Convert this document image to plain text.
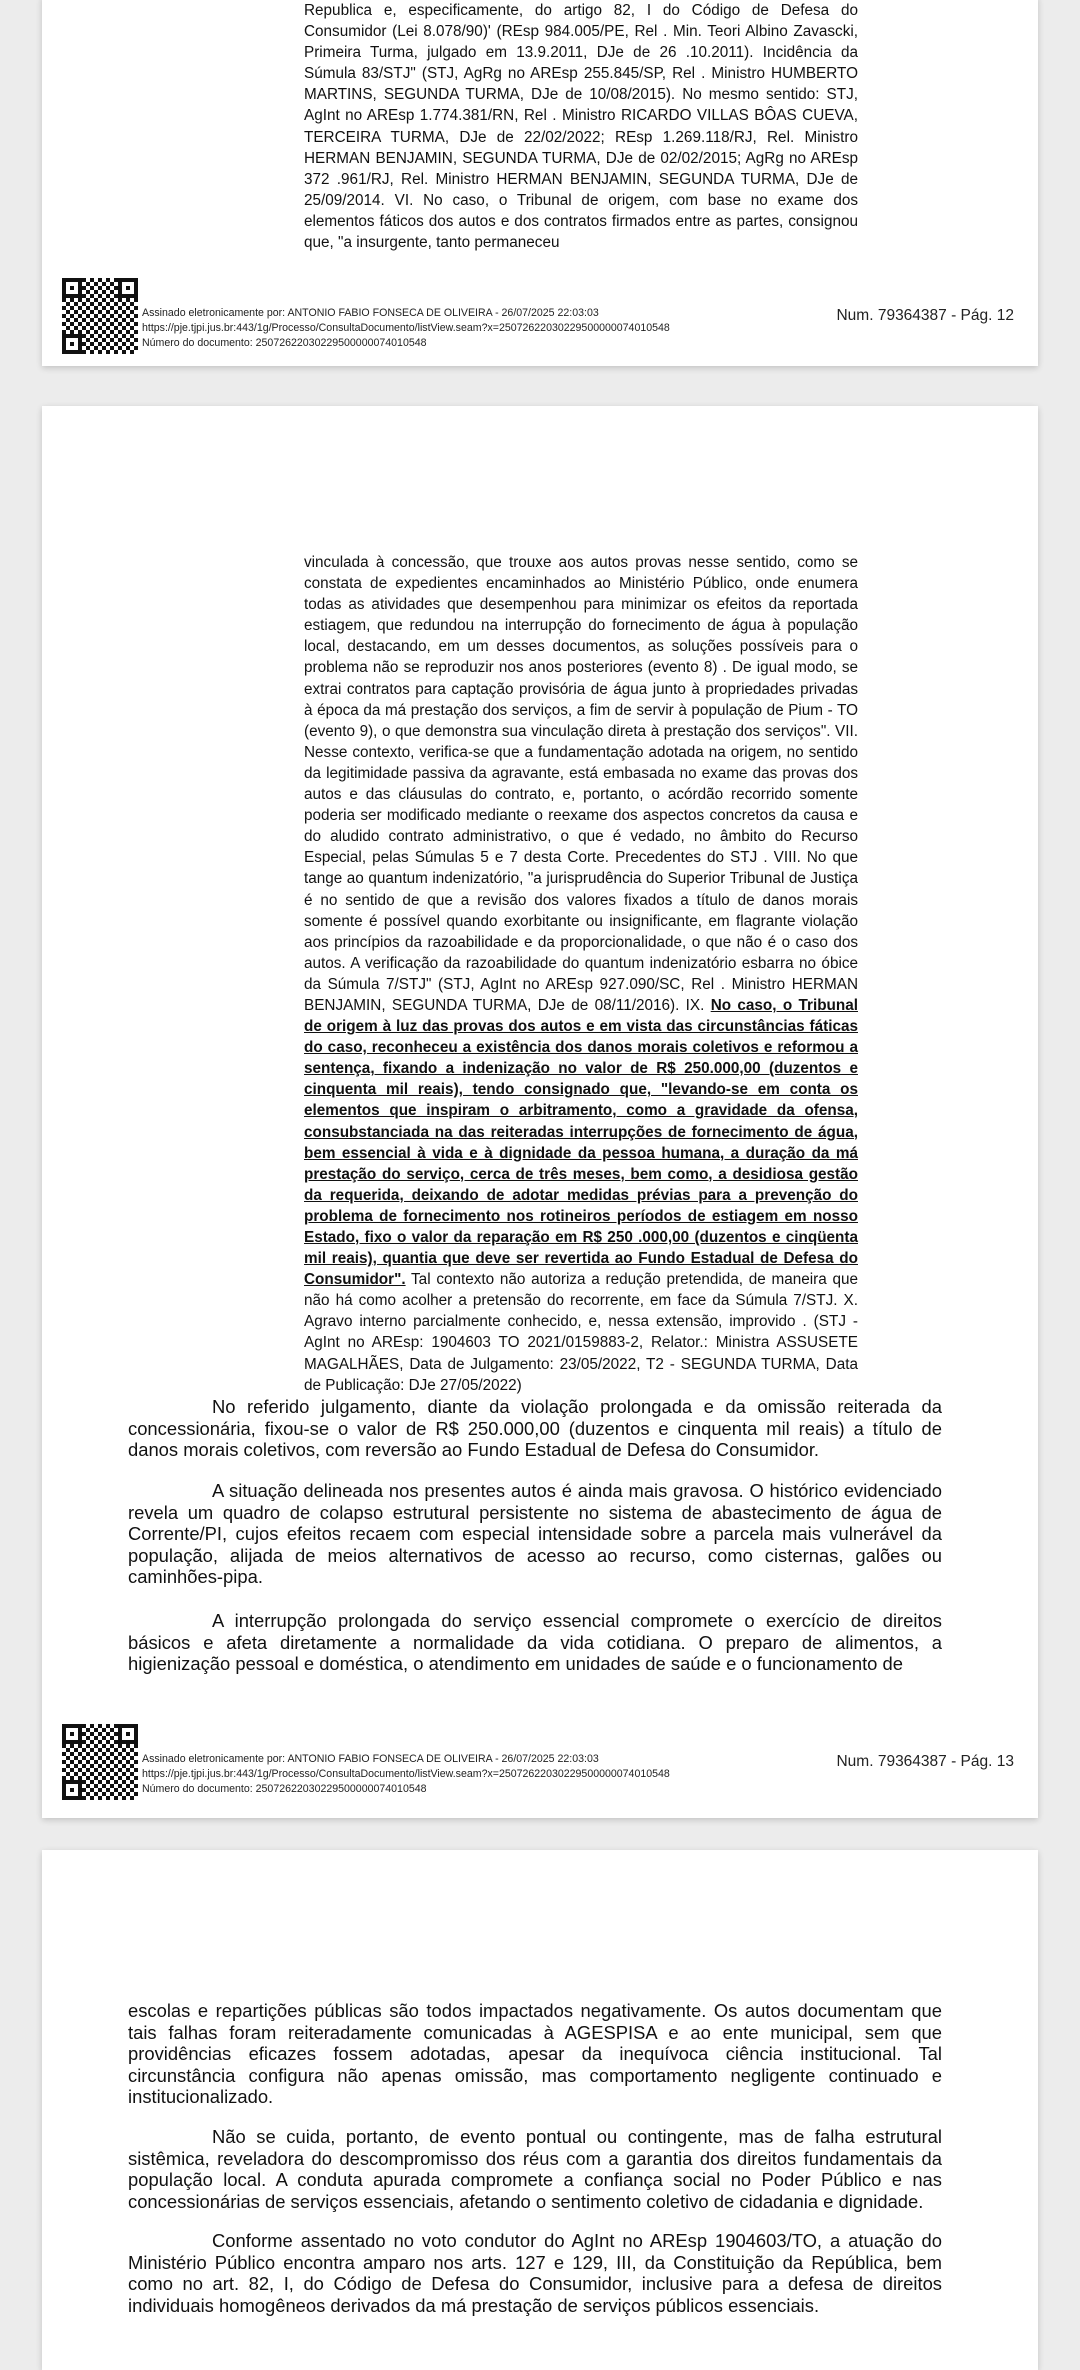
Republica e, especificamente, do artigo 82, I do Código de Defesa do Consumidor (Lei 8.078/90)' (REsp 984.005/PE, Rel . Min. Teori Albino Zavascki, Primeira Turma, julgado em 13.9.2011, DJe de 26 .10.2011). Incidência da Súmula 83/STJ" (STJ, AgRg no AREsp 255.845/SP, Rel . Ministro HUMBERTO MARTINS, SEGUNDA TURMA, DJe de 10/08/2015). No mesmo sentido: STJ, AgInt no AREsp 1.774.381/RN, Rel . Ministro RICARDO VILLAS BÔAS CUEVA, TERCEIRA TURMA, DJe de 22/02/2022; REsp 1.269.118/RJ, Rel. Ministro HERMAN BENJAMIN, SEGUNDA TURMA, DJe de 02/02/2015; AgRg no AREsp 372 .961/RJ, Rel. Ministro HERMAN BENJAMIN, SEGUNDA TURMA, DJe de 25/09/2014. VI. No caso, o Tribunal de origem, com base no exame dos elementos fáticos dos autos e dos contratos firmados entre as partes, consignou que, "a insurgente, tanto permaneceu

Assinado eletronicamente por: ANTONIO FABIO FONSECA DE OLIVEIRA - 26/07/2025 22:03:03
https://pje.tjpi.jus.br:443/1g/Processo/ConsultaDocumento/listView.seam?x=25072622030229500000074010548
Número do documento: 25072622030229500000074010548
Num. 79364387 - Pág. 12

vinculada à concessão, que trouxe aos autos provas nesse sentido, como se constata de expedientes encaminhados ao Ministério Público, onde enumera todas as atividades que desempenhou para minimizar os efeitos da reportada estiagem, que redundou na interrupção do fornecimento de água à população local, destacando, em um desses documentos, as soluções possíveis para o problema não se reproduzir nos anos posteriores (evento 8) . De igual modo, se extrai contratos para captação provisória de água junto à propriedades privadas à época da má prestação dos serviços, a fim de servir à população de Pium - TO (evento 9), o que demonstra sua vinculação direta à prestação dos serviços". VII. Nesse contexto, verifica-se que a fundamentação adotada na origem, no sentido da legitimidade passiva da agravante, está embasada no exame das provas dos autos e das cláusulas do contrato, e, portanto, o acórdão recorrido somente poderia ser modificado mediante o reexame dos aspectos concretos da causa e do aludido contrato administrativo, o que é vedado, no âmbito do Recurso Especial, pelas Súmulas 5 e 7 desta Corte. Precedentes do STJ . VIII. No que tange ao quantum indenizatório, "a jurisprudência do Superior Tribunal de Justiça é no sentido de que a revisão dos valores fixados a título de danos morais somente é possível quando exorbitante ou insignificante, em flagrante violação aos princípios da razoabilidade e da proporcionalidade, o que não é o caso dos autos. A verificação da razoabilidade do quantum indenizatório esbarra no óbice da Súmula 7/STJ" (STJ, AgInt no AREsp 927.090/SC, Rel . Ministro HERMAN BENJAMIN, SEGUNDA TURMA, DJe de 08/11/2016). IX. No caso, o Tribunal de origem à luz das provas dos autos e em vista das circunstâncias fáticas do caso, reconheceu a existência dos danos morais coletivos e reformou a sentença, fixando a indenização no valor de R$ 250.000,00 (duzentos e cinquenta mil reais), tendo consignado que, "levando-se em conta os elementos que inspiram o arbitramento, como a gravidade da ofensa, consubstanciada na das reiteradas interrupções de fornecimento de água, bem essencial à vida e à dignidade da pessoa humana, a duração da má prestação do serviço, cerca de três meses, bem como, a desidiosa gestão da requerida, deixando de adotar medidas prévias para a prevenção do problema de fornecimento nos rotineiros períodos de estiagem em nosso Estado, fixo o valor da reparação em R$ 250 .000,00 (duzentos e cinqüenta mil reais), quantia que deve ser revertida ao Fundo Estadual de Defesa do Consumidor". Tal contexto não autoriza a redução pretendida, de maneira que não há como acolher a pretensão do recorrente, em face da Súmula 7/STJ. X. Agravo interno parcialmente conhecido, e, nessa extensão, improvido . (STJ - AgInt no AREsp: 1904603 TO 2021/0159883-2, Relator.: Ministra ASSUSETE MAGALHÃES, Data de Julgamento: 23/05/2022, T2 - SEGUNDA TURMA, Data de Publicação: DJe 27/05/2022)

No referido julgamento, diante da violação prolongada e da omissão reiterada da concessionária, fixou-se o valor de R$ 250.000,00 (duzentos e cinquenta mil reais) a título de danos morais coletivos, com reversão ao Fundo Estadual de Defesa do Consumidor.

A situação delineada nos presentes autos é ainda mais gravosa. O histórico evidenciado revela um quadro de colapso estrutural persistente no sistema de abastecimento de água de Corrente/PI, cujos efeitos recaem com especial intensidade sobre a parcela mais vulnerável da população, alijada de meios alternativos de acesso ao recurso, como cisternas, galões ou caminhões-pipa.

A interrupção prolongada do serviço essencial compromete o exercício de direitos básicos e afeta diretamente a normalidade da vida cotidiana. O preparo de alimentos, a higienização pessoal e doméstica, o atendimento em unidades de saúde e o funcionamento de

Assinado eletronicamente por: ANTONIO FABIO FONSECA DE OLIVEIRA - 26/07/2025 22:03:03
https://pje.tjpi.jus.br:443/1g/Processo/ConsultaDocumento/listView.seam?x=25072622030229500000074010548
Número do documento: 25072622030229500000074010548
Num. 79364387 - Pág. 13

escolas e repartições públicas são todos impactados negativamente. Os autos documentam que tais falhas foram reiteradamente comunicadas à AGESPISA e ao ente municipal, sem que providências eficazes fossem adotadas, apesar da inequívoca ciência institucional. Tal circunstância configura não apenas omissão, mas comportamento negligente continuado e institucionalizado.

Não se cuida, portanto, de evento pontual ou contingente, mas de falha estrutural sistêmica, reveladora do descompromisso dos réus com a garantia dos direitos fundamentais da população local. A conduta apurada compromete a confiança social no Poder Público e nas concessionárias de serviços essenciais, afetando o sentimento coletivo de cidadania e dignidade.

Conforme assentado no voto condutor do AgInt no AREsp 1904603/TO, a atuação do Ministério Público encontra amparo nos arts. 127 e 129, III, da Constituição da República, bem como no art. 82, I, do Código de Defesa do Consumidor, inclusive para a defesa de direitos individuais homogêneos derivados da má prestação de serviços públicos essenciais.
